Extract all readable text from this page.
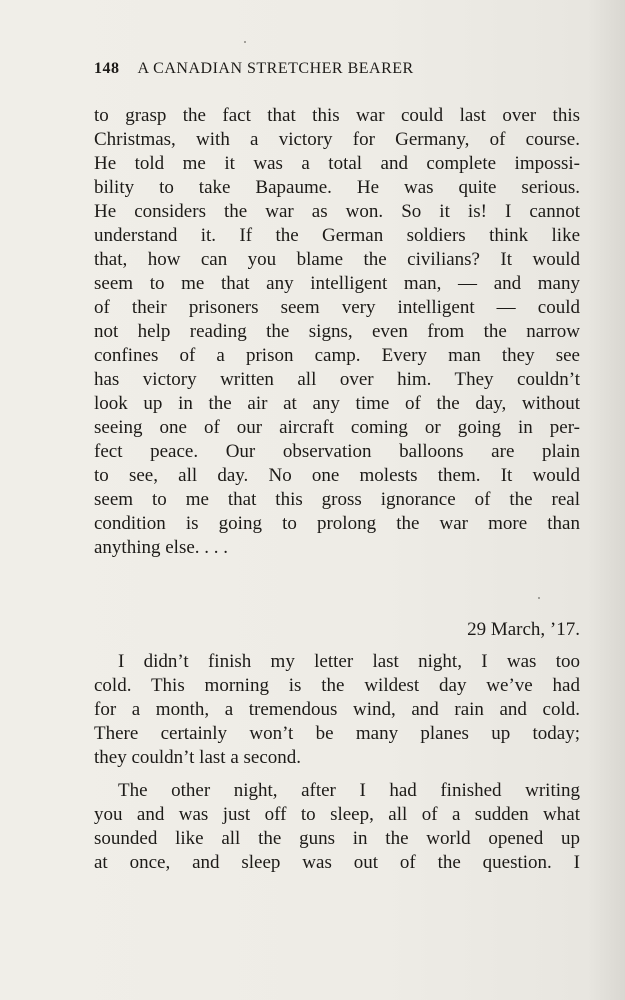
148 A CANADIAN STRETCHER BEARER
to grasp the fact that this war could last over this
Christmas, with a victory for Germany, of course.
He told me it was a total and complete impossi-
bility to take Bapaume. He was quite serious.
He considers the war as won. So it is! I cannot
understand it. If the German soldiers think like
that, how can you blame the civilians? It would
seem to me that any intelligent man, — and many
of their prisoners seem very intelligent — could
not help reading the signs, even from the narrow
confines of a prison camp. Every man they see
has victory written all over him. They couldn’t
look up in the air at any time of the day, without
seeing one of our aircraft coming or going in per-
fect peace. Our observation balloons are plain
to see, all day. No one molests them. It would
seem to me that this gross ignorance of the real
condition is going to prolong the war more than
anything else. . . .
29 March, ’17.
I didn’t finish my letter last night, I was too
cold. This morning is the wildest day we’ve had
for a month, a tremendous wind, and rain and cold.
There certainly won’t be many planes up today;
they couldn’t last a second.
The other night, after I had finished writing
you and was just off to sleep, all of a sudden what
sounded like all the guns in the world opened up
at once, and sleep was out of the question. I
